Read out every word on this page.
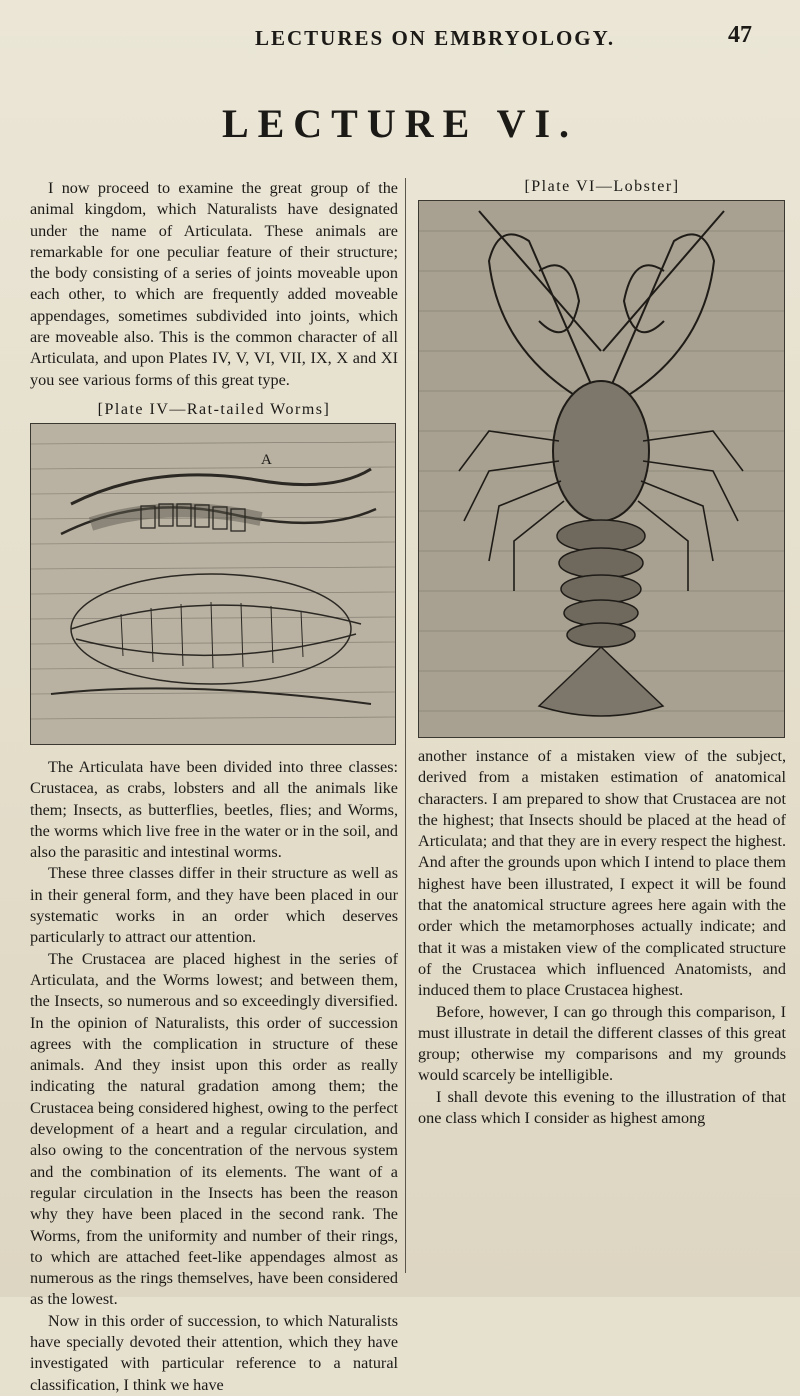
LECTURES ON EMBRYOLOGY.	47
LECTURE VI.

I now proceed to examine the great group of the animal kingdom, which Naturalists have designated under the name of Articulata. These animals are remarkable for one peculiar feature of their structure; the body consisting of a series of joints moveable upon each other, to which are frequently added moveable appendages, sometimes subdivided into joints, which are moveable also. This is the common character of all Articulata, and upon Plates IV, V, VI, VII, IX, X and XI you see various forms of this great type.

[Plate IV—Rat-tailed Worms]
A

The Articulata have been divided into three classes: Crustacea, as crabs, lobsters and all the animals like them; Insects, as butterflies, beetles, flies; and Worms, the worms which live free in the water or in the soil, and also the parasitic and intestinal worms.

These three classes differ in their structure as well as in their general form, and they have been placed in our systematic works in an order which deserves particularly to attract our attention.

The Crustacea are placed highest in the series of Articulata, and the Worms lowest; and between them, the Insects, so numerous and so exceedingly diversified. In the opinion of Naturalists, this order of succession agrees with the complication in structure of these animals. And they insist upon this order as really indicating the natural gradation among them; the Crustacea being considered highest, owing to the perfect development of a heart and a regular circulation, and also owing to the concentration of the nervous system and the combination of its elements. The want of a regular circulation in the Insects has been the reason why they have been placed in the second rank. The Worms, from the uniformity and number of their rings, to which are attached feet-like appendages almost as numerous as the rings themselves, have been considered as the lowest.

Now in this order of succession, to which Naturalists have specially devoted their attention, which they have investigated with particular reference to a natural classification, I think we have

[Plate VI—Lobster]

another instance of a mistaken view of the subject, derived from a mistaken estimation of anatomical characters. I am prepared to show that Crustacea are not the highest; that Insects should be placed at the head of Articulata; and that they are in every respect the highest. And after the grounds upon which I intend to place them highest have been illustrated, I expect it will be found that the anatomical structure agrees here again with the order which the metamorphoses actually indicate; and that it was a mistaken view of the complicated structure of the Crustacea which influenced Anatomists, and induced them to place Crustacea highest.

Before, however, I can go through this comparison, I must illustrate in detail the different classes of this great group; otherwise my comparisons and my grounds would scarcely be intelligible.

I shall devote this evening to the illustration of that one class which I consider as highest among
